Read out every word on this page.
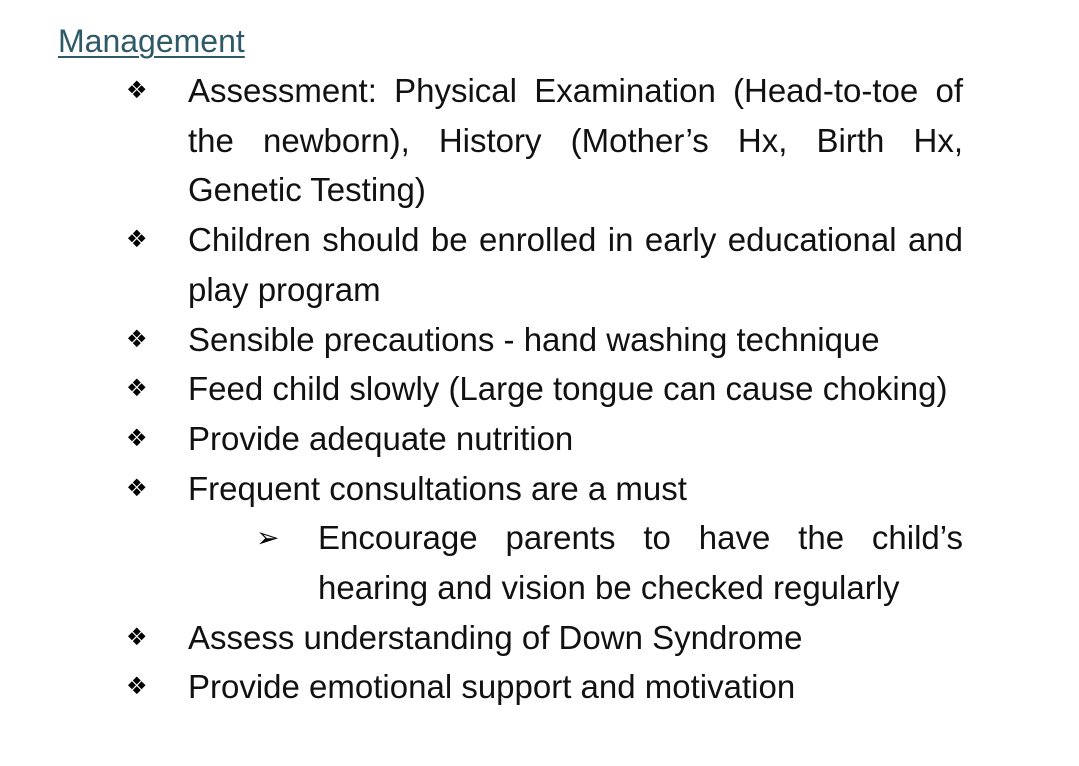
Management
❖ Assessment: Physical Examination (Head-to-toe of the newborn), History (Mother’s Hx, Birth Hx, Genetic Testing)
❖ Children should be enrolled in early educational and play program
❖ Sensible precautions - hand washing technique
❖ Feed child slowly (Large tongue can cause choking)
❖ Provide adequate nutrition
❖ Frequent consultations are a must
➢ Encourage parents to have the child’s hearing and vision be checked regularly
❖ Assess understanding of Down Syndrome
❖ Provide emotional support and motivation
